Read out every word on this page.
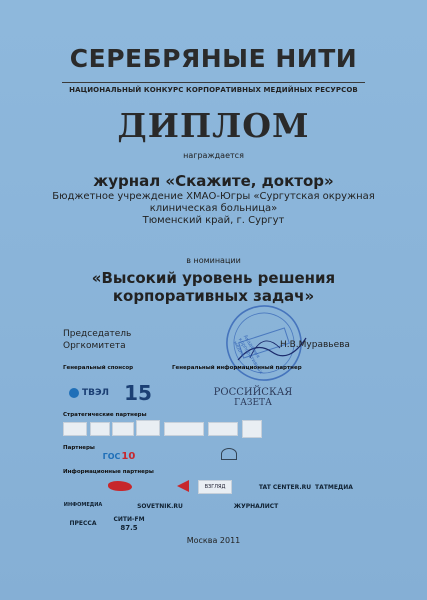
СЕРЕБРЯНЫЕ НИТИ
НАЦИОНАЛЬНЫЙ КОНКУРС КОРПОРАТИВНЫХ МЕДИЙНЫХ РЕСУРСОВ
ДИПЛОМ
награждается
журнал «Скажите, доктор»
Бюджетное учреждение ХМАО-Югры «Сургутская окружная
клиническая больница»
Тюменский край, г. Сургут
в номинации
«Высокий уровень решения
корпоративных задач»
Председатель
Оргкомитета	Академия корпоративных медиа	Н.В.Муравьева
Генеральный спонсор	Генеральный информационный партнер
ТВЭЛ 15	РОССИЙСКАЯ
ГАЗЕТА
Стратегические партнеры
Партнеры
ГОС 10
Информационные партнеры
ВЗГЛЯД	TAT CENTER.RU ТАТМЕДИА
ИНФОМЕДИА	SOVETNIK.RU	ЖУРНАЛИСТ
ПРЕССА	СИТИ-FM
87.5
Москва 2011
